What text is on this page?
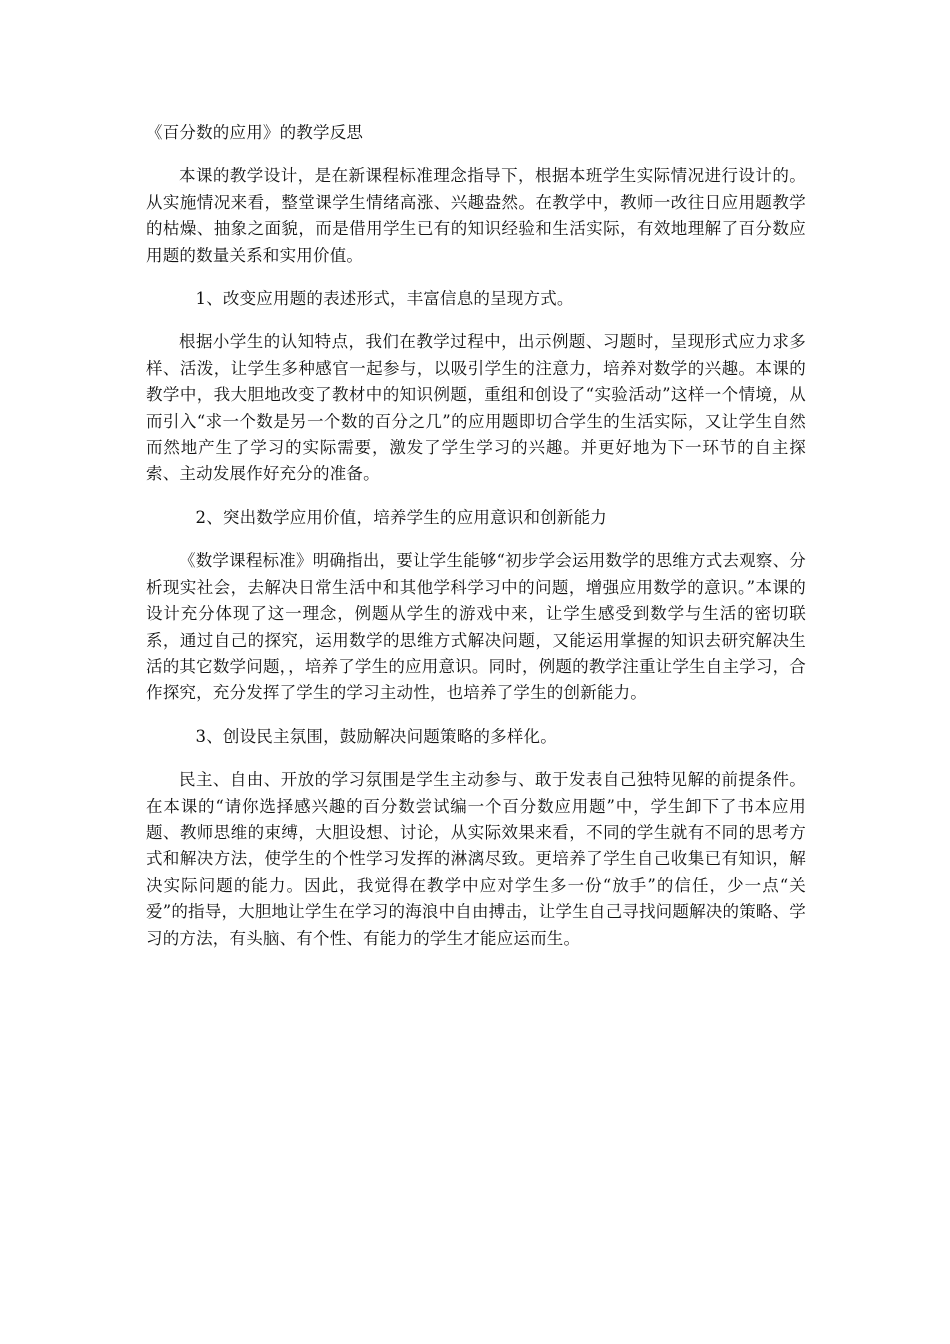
《百分数的应用》的教学反思

本课的教学设计，是在新课程标准理念指导下，根据本班学生实际情况进行设计的。从实施情况来看，整堂课学生情绪高涨、兴趣盎然。在教学中，教师一改往日应用题教学的枯燥、抽象之面貌，而是借用学生已有的知识经验和生活实际，有效地理解了百分数应用题的数量关系和实用价值。

1、改变应用题的表述形式，丰富信息的呈现方式。

根据小学生的认知特点，我们在教学过程中，出示例题、习题时，呈现形式应力求多样、活泼，让学生多种感官一起参与，以吸引学生的注意力，培养对数学的兴趣。本课的教学中，我大胆地改变了教材中的知识例题，重组和创设了“实验活动”这样一个情境，从而引入“求一个数是另一个数的百分之几”的应用题即切合学生的生活实际，又让学生自然而然地产生了学习的实际需要，激发了学生学习的兴趣。并更好地为下一环节的自主探索、主动发展作好充分的准备。

2、突出数学应用价值，培养学生的应用意识和创新能力

《数学课程标准》明确指出，要让学生能够“初步学会运用数学的思维方式去观察、分析现实社会，去解决日常生活中和其他学科学习中的问题，增强应用数学的意识。”本课的设计充分体现了这一理念，例题从学生的游戏中来，让学生感受到数学与生活的密切联系，通过自己的探究，运用数学的思维方式解决问题，又能运用掌握的知识去研究解决生活的其它数学问题，，培养了学生的应用意识。同时，例题的教学注重让学生自主学习，合作探究，充分发挥了学生的学习主动性，也培养了学生的创新能力。

3、创设民主氛围，鼓励解决问题策略的多样化。

民主、自由、开放的学习氛围是学生主动参与、敢于发表自己独特见解的前提条件。在本课的“请你选择感兴趣的百分数尝试编一个百分数应用题”中，学生卸下了书本应用题、教师思维的束缚，大胆设想、讨论，从实际效果来看，不同的学生就有不同的思考方式和解决方法，使学生的个性学习发挥的淋漓尽致。更培养了学生自己收集已有知识，解决实际问题的能力。因此，我觉得在教学中应对学生多一份“放手”的信任，少一点“关爱”的指导，大胆地让学生在学习的海浪中自由搏击，让学生自己寻找问题解决的策略、学习的方法，有头脑、有个性、有能力的学生才能应运而生。
